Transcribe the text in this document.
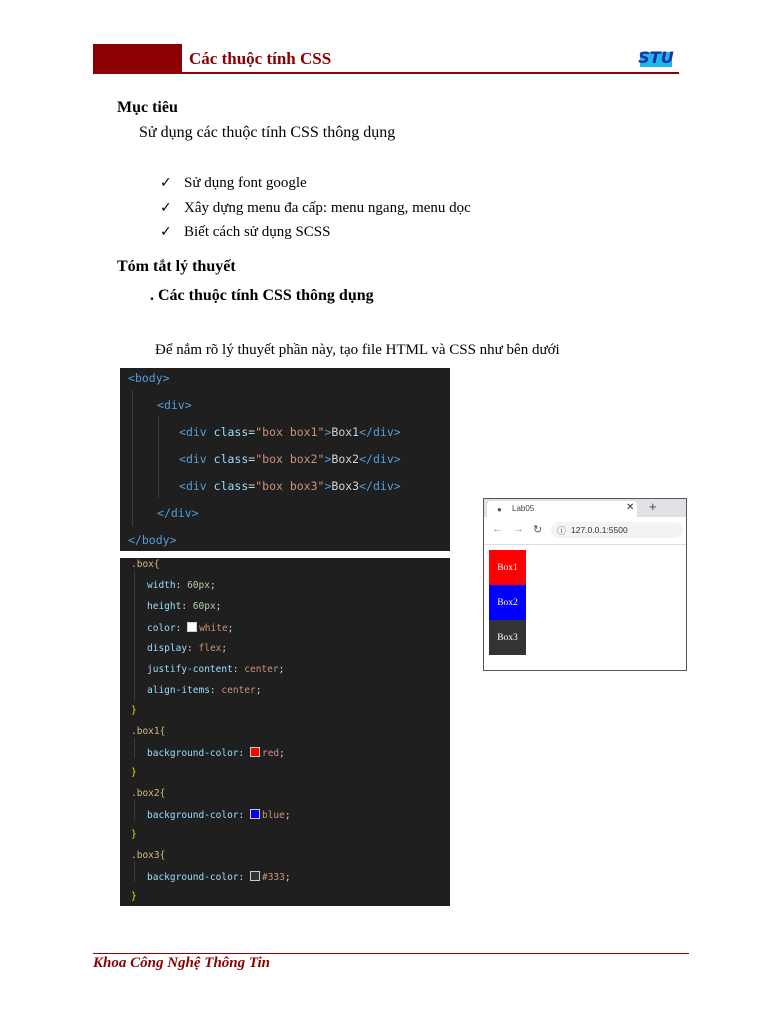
Các thuộc tính CSS	STU
Mục tiêu
Sử dụng các thuộc tính CSS thông dụng
✓ Sử dụng font google
✓ Xây dựng menu đa cấp: menu ngang, menu dọc
✓ Biết cách sử dụng SCSS
Tóm tắt lý thuyết
. Các thuộc tính CSS thông dụng
Để nắm rõ lý thuyết phần này, tạo file HTML và CSS như bên dưới
<body>
<div>
<div class="box box1">Box1</div>
<div class="box box2">Box2</div>
<div class="box box3">Box3</div>
</div>
</body>
.box{
width: 60px;
height: 60px;
color: white;
display: flex;
justify-content: center;
align-items: center;
}
.box1{
background-color: red;
}
.box2{
background-color: blue;
}
.box3{
background-color: #333;
}
● Lab05	✕ +
← → ↻ ⓘ 127.0.0.1:5500
Box1
Box2
Box3
Khoa Công Nghệ Thông Tin
